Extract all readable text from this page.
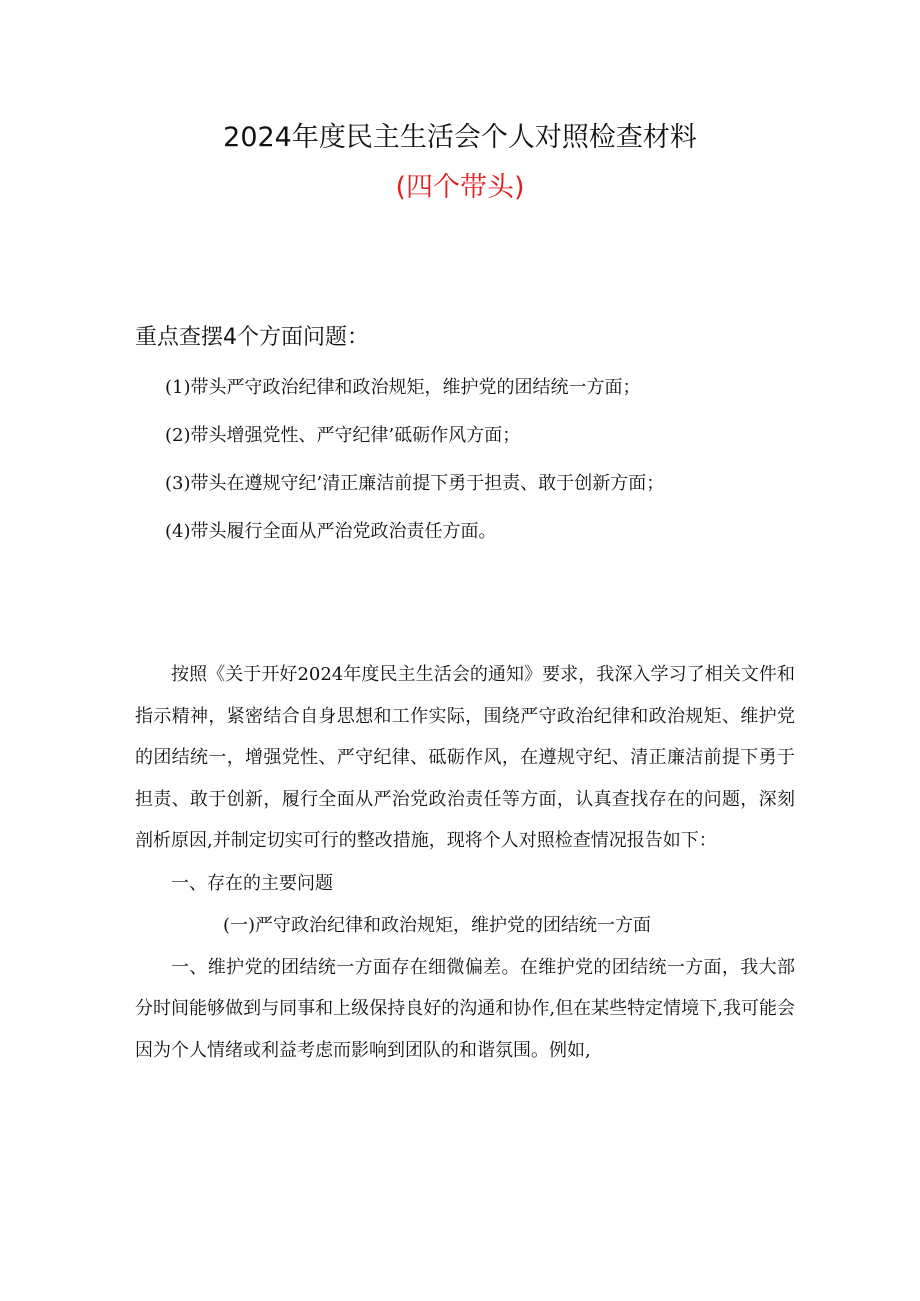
2024年度民主生活会个人对照检查材料
(四个带头)
重点查摆4个方面问题：
(1)带头严守政治纪律和政治规矩，维护党的团结统一方面；
(2)带头增强党性、严守纪律’砥砺作风方面；
(3)带头在遵规守纪’清正廉洁前提下勇于担责、敢于创新方面；
(4)带头履行全面从严治党政治责任方面。

按照《关于开好2024年度民主生活会的通知》要求，我深入学习了相关文件和指示精神，紧密结合自身思想和工作实际，围绕严守政治纪律和政治规矩、维护党的团结统一，增强党性、严守纪律、砥砺作风，在遵规守纪、清正廉洁前提下勇于担责、敢于创新，履行全面从严治党政治责任等方面，认真查找存在的问题，深刻剖析原因,并制定切实可行的整改措施，现将个人对照检查情况报告如下：

一、存在的主要问题

(一)严守政治纪律和政治规矩，维护党的团结统一方面

一、维护党的团结统一方面存在细微偏差。在维护党的团结统一方面，我大部分时间能够做到与同事和上级保持良好的沟通和协作,但在某些特定情境下,我可能会因为个人情绪或利益考虑而影响到团队的和谐氛围。例如,
